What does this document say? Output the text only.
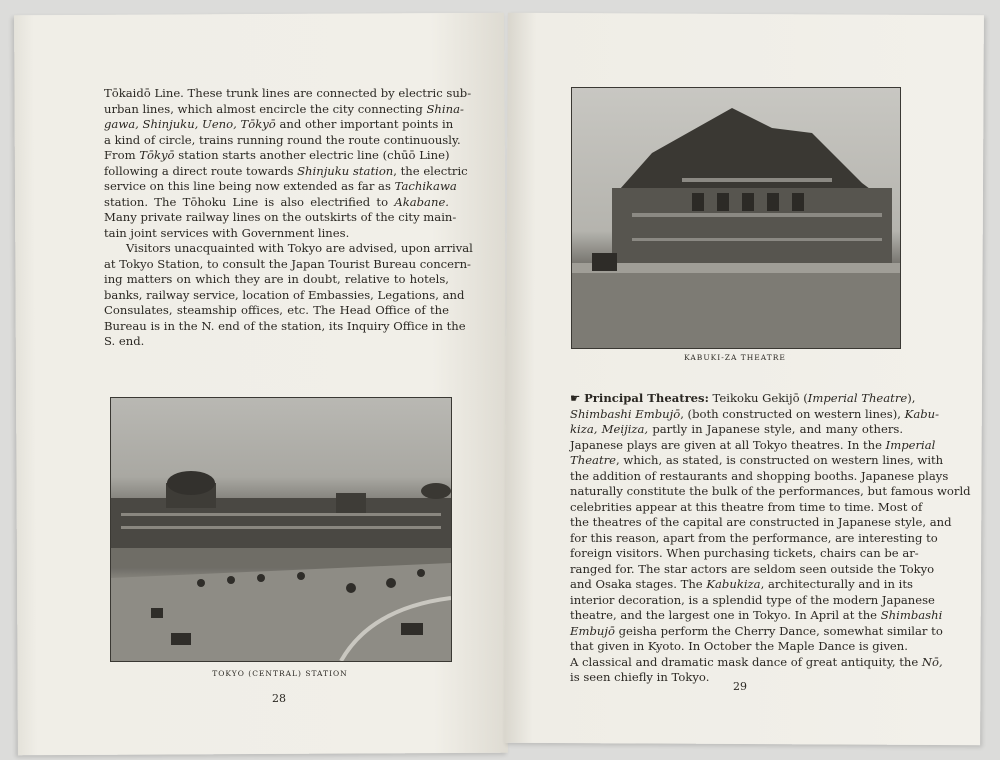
Tōkaidō Line. These trunk lines are connected by electric sub-
urban lines, which almost encircle the city connecting Shina-
gawa, Shinjuku, Ueno, Tōkyō and other important points in
a kind of circle, trains running round the route continuously.
From Tōkyō station starts another electric line (chūō Line)
following a direct route towards Shinjuku station, the electric
service on this line being now extended as far as Tachikawa
station. The Tōhoku Line is also electrified to Akabane.
Many private railway lines on the outskirts of the city main-
tain joint services with Government lines.
Visitors unacquainted with Tokyo are advised, upon arrival
at Tokyo Station, to consult the Japan Tourist Bureau concern-
ing matters on which they are in doubt, relative to hotels,
banks, railway service, location of Embassies, Legations, and
Consulates, steamship offices, etc. The Head Office of the
Bureau is in the N. end of the station, its Inquiry Office in the
S. end.
TOKYO (CENTRAL) STATION
28
KABUKI-ZA THEATRE
☛ Principal Theatres: Teikoku Gekijō (Imperial Theatre),
Shimbashi Embujō, (both constructed on western lines), Kabu-
kiza, Meijiza, partly in Japanese style, and many others.
Japanese plays are given at all Tokyo theatres. In the Imperial
Theatre, which, as stated, is constructed on western lines, with
the addition of restaurants and shopping booths. Japanese plays
naturally constitute the bulk of the performances, but famous world
celebrities appear at this theatre from time to time. Most of
the theatres of the capital are constructed in Japanese style, and
for this reason, apart from the performance, are interesting to
foreign visitors. When purchasing tickets, chairs can be ar-
ranged for. The star actors are seldom seen outside the Tokyo
and Osaka stages. The Kabukiza, architecturally and in its
interior decoration, is a splendid type of the modern Japanese
theatre, and the largest one in Tokyo. In April at the Shimbashi
Embujō geisha perform the Cherry Dance, somewhat similar to
that given in Kyoto. In October the Maple Dance is given.
A classical and dramatic mask dance of great antiquity, the Nō,
is seen chiefly in Tokyo.
29
